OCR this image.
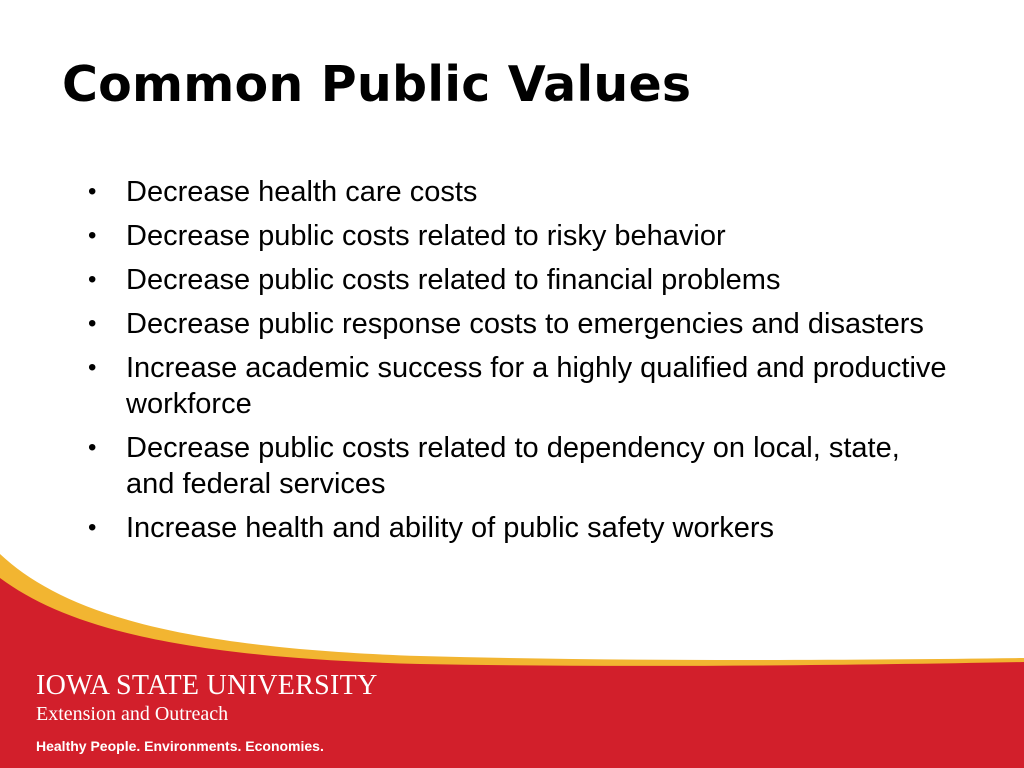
Common Public Values
• Decrease health care costs
• Decrease public costs related to risky behavior
• Decrease public costs related to financial problems
• Decrease public response costs to emergencies and disasters
• Increase academic success for a highly qualified and productive workforce
• Decrease public costs related to dependency on local, state, and federal services
• Increase health and ability of public safety workers
IOWA STATE UNIVERSITY
Extension and Outreach
Healthy People. Environments. Economies.
